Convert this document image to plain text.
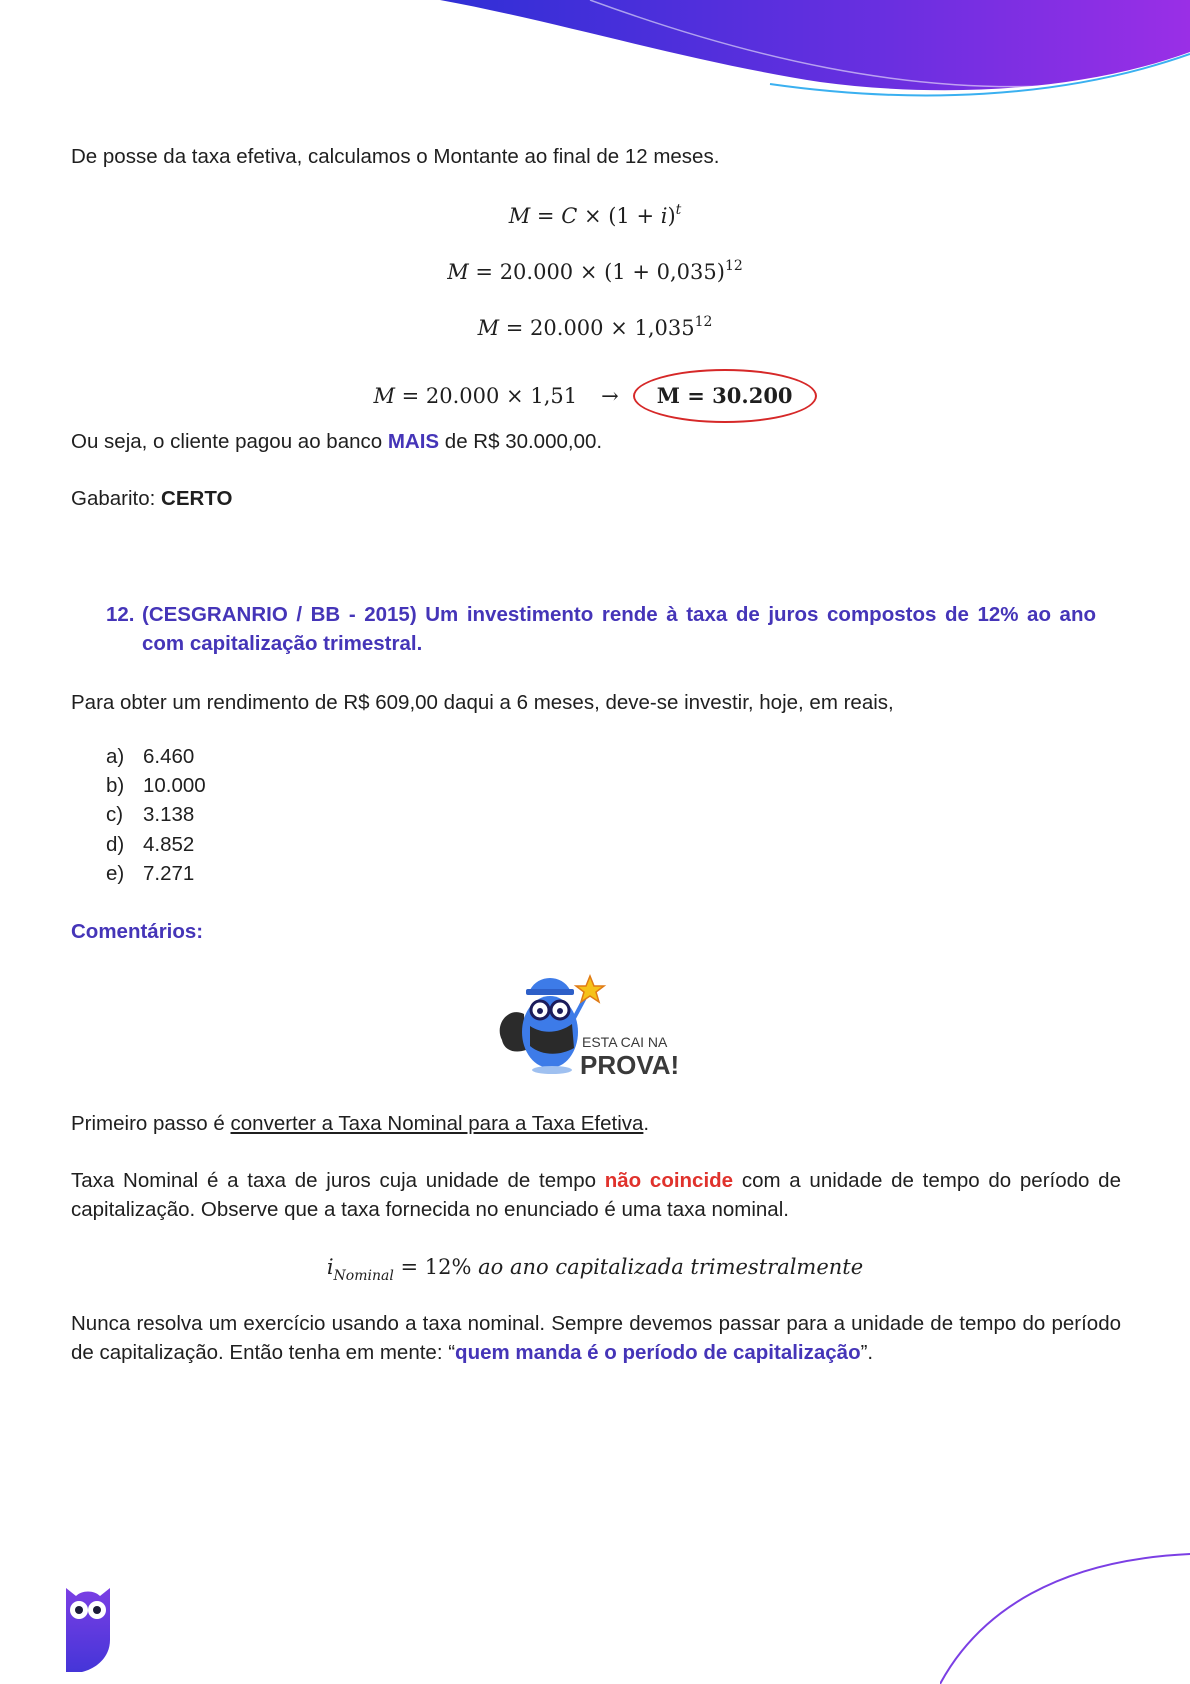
De posse da taxa efetiva, calculamos o Montante ao final de 12 meses.

$M = C \times (1 + i)^t$
$M = 20.000 \times (1 + 0,035)^{12}$
$M = 20.000 \times 1,035^{12}$
M = 20.000 × 1,51 → M = 30.200

Ou seja, o cliente pagou ao banco MAIS de R$ 30.000,00.

Gabarito: CERTO

12. (CESGRANRIO / BB - 2015) Um investimento rende à taxa de juros compostos de 12% ao ano com capitalização trimestral.

Para obter um rendimento de R$ 609,00 daqui a 6 meses, deve-se investir, hoje, em reais,

a) 6.460
b) 10.000
c) 3.138
d) 4.852
e) 7.271

Comentários:

ESTA CAI NA
PROVA!

Primeiro passo é converter a Taxa Nominal para a Taxa Efetiva.

Taxa Nominal é a taxa de juros cuja unidade de tempo não coincide com a unidade de tempo do período de capitalização. Observe que a taxa fornecida no enunciado é uma taxa nominal.

$i_{Nominal} = 12\%$ ao ano capitalizada trimestralmente

Nunca resolva um exercício usando a taxa nominal. Sempre devemos passar para a unidade de tempo do período de capitalização. Então tenha em mente: “quem manda é o período de capitalização”.
